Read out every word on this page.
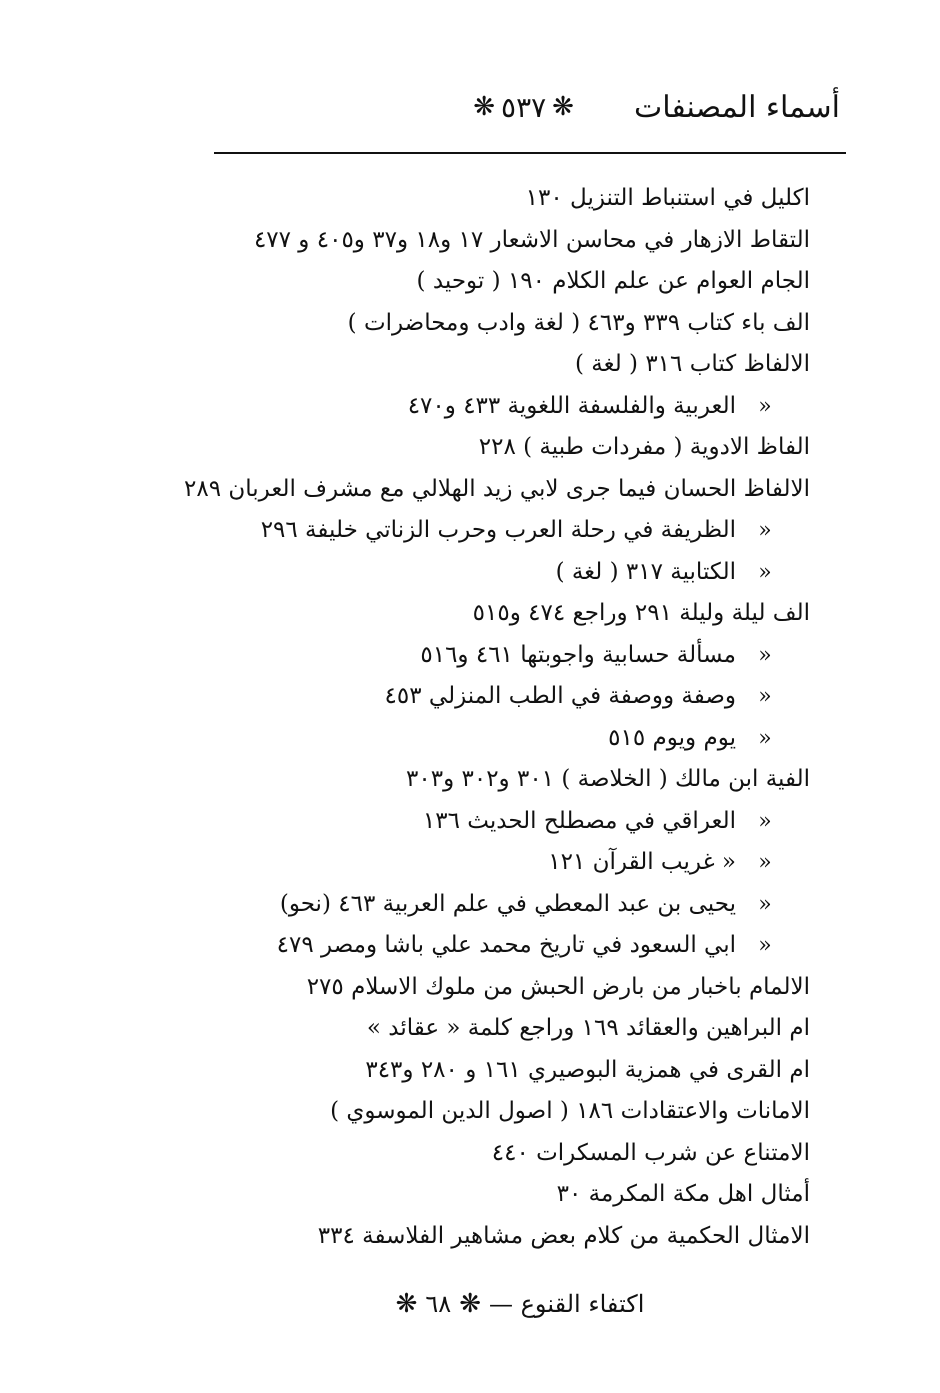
أسماء المصنفات
❋
٥٣٧
❋
اكليل في استنباط التنزيل ١٣٠
التقاط الازهار في محاسن الاشعار ١٧ و١٨ و٣٧ و٤٠٥ و ٤٧٧
الجام العوام عن علم الكلام ١٩٠ ( توحيد )
الف باء كتاب ٣٣٩ و٤٦٣ ( لغة وادب ومحاضرات )
الالفاظ كتاب ٣١٦ ( لغة )
«
العربية والفلسفة اللغوية ٤٣٣ و٤٧٠
الفاظ الادوية ( مفردات طبية ) ٢٢٨
الالفاظ الحسان فيما جرى لابي زيد الهلالي مع مشرف العربان ٢٨٩
«
الظريفة في رحلة العرب وحرب الزناتي خليفة ٢٩٦
«
الكتابية ٣١٧ ( لغة )
الف ليلة وليلة ٢٩١ وراجع ٤٧٤ و٥١٥
«
مسألة حسابية واجوبتها ٤٦١ و٥١٦
«
وصفة ووصفة في الطب المنزلي ٤٥٣
«
يوم ويوم ٥١٥
الفية ابن مالك ( الخلاصة ) ٣٠١ و٣٠٢ و٣٠٣
«
العراقي في مصطلح الحديث ١٣٦
«
« غريب القرآن ١٢١
«
يحيى بن عبد المعطي في علم العربية ٤٦٣ (نحو)
«
ابي السعود في تاريخ محمد علي باشا ومصر ٤٧٩
الالمام باخبار من بارض الحبش من ملوك الاسلام ٢٧٥
ام البراهين والعقائد ١٦٩ وراجع كلمة « عقائد »
ام القرى في همزية البوصيري ١٦١ و ٢٨٠ و٣٤٣
الامانات والاعتقادات ١٨٦ ( اصول الدين الموسوي )
الامتناع عن شرب المسكرات ٤٤٠
أمثال اهل مكة المكرمة ٣٠
الامثال الحكمية من كلام بعض مشاهير الفلاسفة ٣٣٤
اكتفاء القنوع —
❋
٦٨
❋
